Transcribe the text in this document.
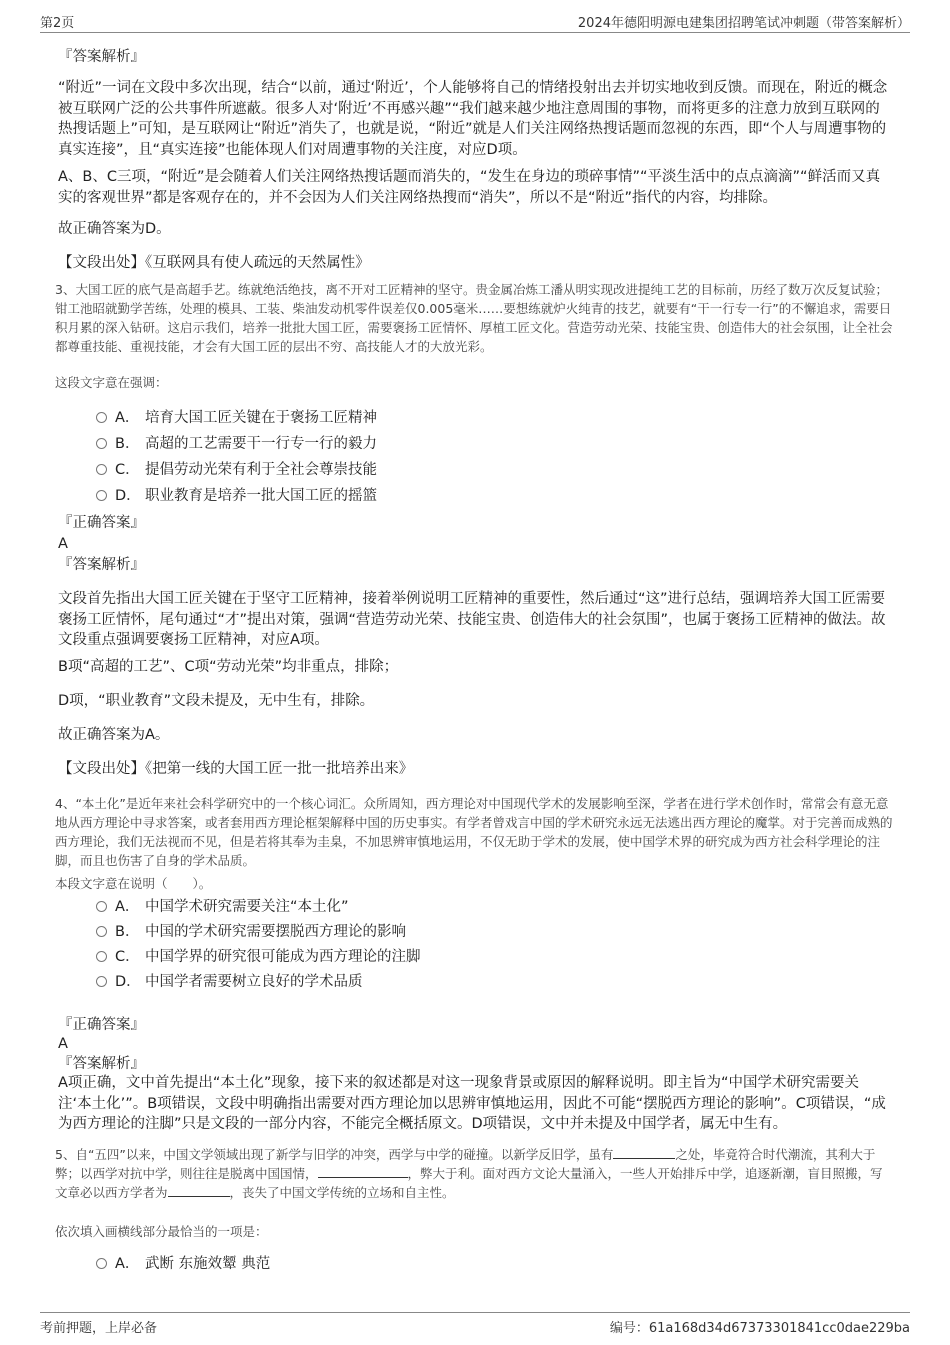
第2页	2024年德阳明源电建集团招聘笔试冲刺题（带答案解析）
『答案解析』
“附近”一词在文段中多次出现，结合“以前，通过‘附近’，个人能够将自己的情绪投射出去并切实地收到反馈。而现在，附近的概念被互联网广泛的公共事件所遮蔽。很多人对‘附近’不再感兴趣”“我们越来越少地注意周围的事物，而将更多的注意力放到互联网的热搜话题上”可知，是互联网让“附近”消失了，也就是说，“附近”就是人们关注网络热搜话题而忽视的东西，即“个人与周遭事物的真实连接”，且“真实连接”也能体现人们对周遭事物的关注度，对应D项。
A、B、C三项，“附近”是会随着人们关注网络热搜话题而消失的，“发生在身边的琐碎事情”“平淡生活中的点点滴滴”“鲜活而又真实的客观世界”都是客观存在的，并不会因为人们关注网络热搜而“消失”，所以不是“附近”指代的内容，均排除。
故正确答案为D。
【文段出处】《互联网具有使人疏远的天然属性》
3、大国工匠的底气是高超手艺。练就绝活绝技，离不开对工匠精神的坚守。贵金属冶炼工潘从明实现改进提纯工艺的目标前，历经了数万次反复试验；钳工池昭就勤学苦练，处理的模具、工装、柴油发动机零件误差仅0.005毫米……要想练就炉火纯青的技艺，就要有“干一行专一行”的不懈追求，需要日积月累的深入钻研。这启示我们，培养一批批大国工匠，需要褒扬工匠情怀、厚植工匠文化。营造劳动光荣、技能宝贵、创造伟大的社会氛围，让全社会都尊重技能、重视技能，才会有大国工匠的层出不穷、高技能人才的大放光彩。
这段文字意在强调：
A． 培育大国工匠关键在于褒扬工匠精神
B． 高超的工艺需要干一行专一行的毅力
C． 提倡劳动光荣有利于全社会尊崇技能
D． 职业教育是培养一批大国工匠的摇篮
『正确答案』
A
『答案解析』
文段首先指出大国工匠关键在于坚守工匠精神，接着举例说明工匠精神的重要性，然后通过“这”进行总结，强调培养大国工匠需要褒扬工匠情怀，尾句通过“才”提出对策，强调“营造劳动光荣、技能宝贵、创造伟大的社会氛围”，也属于褒扬工匠精神的做法。故文段重点强调要褒扬工匠精神，对应A项。
B项“高超的工艺”、C项“劳动光荣”均非重点，排除；
D项，“职业教育”文段未提及，无中生有，排除。
故正确答案为A。
【文段出处】《把第一线的大国工匠一批一批培养出来》
4、“本土化”是近年来社会科学研究中的一个核心词汇。众所周知，西方理论对中国现代学术的发展影响至深，学者在进行学术创作时，常常会有意无意地从西方理论中寻求答案，或者套用西方理论框架解释中国的历史事实。有学者曾戏言中国的学术研究永远无法逃出西方理论的魔掌。对于完善而成熟的西方理论，我们无法视而不见，但是若将其奉为圭臬，不加思辨审慎地运用，不仅无助于学术的发展，使中国学术界的研究成为西方社会科学理论的注脚，而且也伤害了自身的学术品质。
本段文字意在说明（　　）。
A． 中国学术研究需要关注“本土化”
B． 中国的学术研究需要摆脱西方理论的影响
C． 中国学界的研究很可能成为西方理论的注脚
D． 中国学者需要树立良好的学术品质
『正确答案』
A
『答案解析』
A项正确，文中首先提出“本土化”现象，接下来的叙述都是对这一现象背景或原因的解释说明。即主旨为“中国学术研究需要关注‘本土化’”。B项错误，文段中明确指出需要对西方理论加以思辨审慎地运用，因此不可能“摆脱西方理论的影响”。C项错误，“成为西方理论的注脚”只是文段的一部分内容，不能完全概括原文。D项错误，文中并未提及中国学者，属无中生有。
5、自“五四”以来，中国文学领域出现了新学与旧学的冲突，西学与中学的碰撞。以新学反旧学，虽有	之处，毕竟符合时代潮流，其利大于弊；以西学对抗中学，则往往是脱离中国国情，	，弊大于利。面对西方文论大量涌入，一些人开始排斥中学，追逐新潮，盲目照搬，写文章必以西方学者为	，丧失了中国文学传统的立场和自主性。
依次填入画横线部分最恰当的一项是：
A． 武断 东施效颦 典范
考前押题，上岸必备	编号：61a168d34d67373301841cc0dae229ba
